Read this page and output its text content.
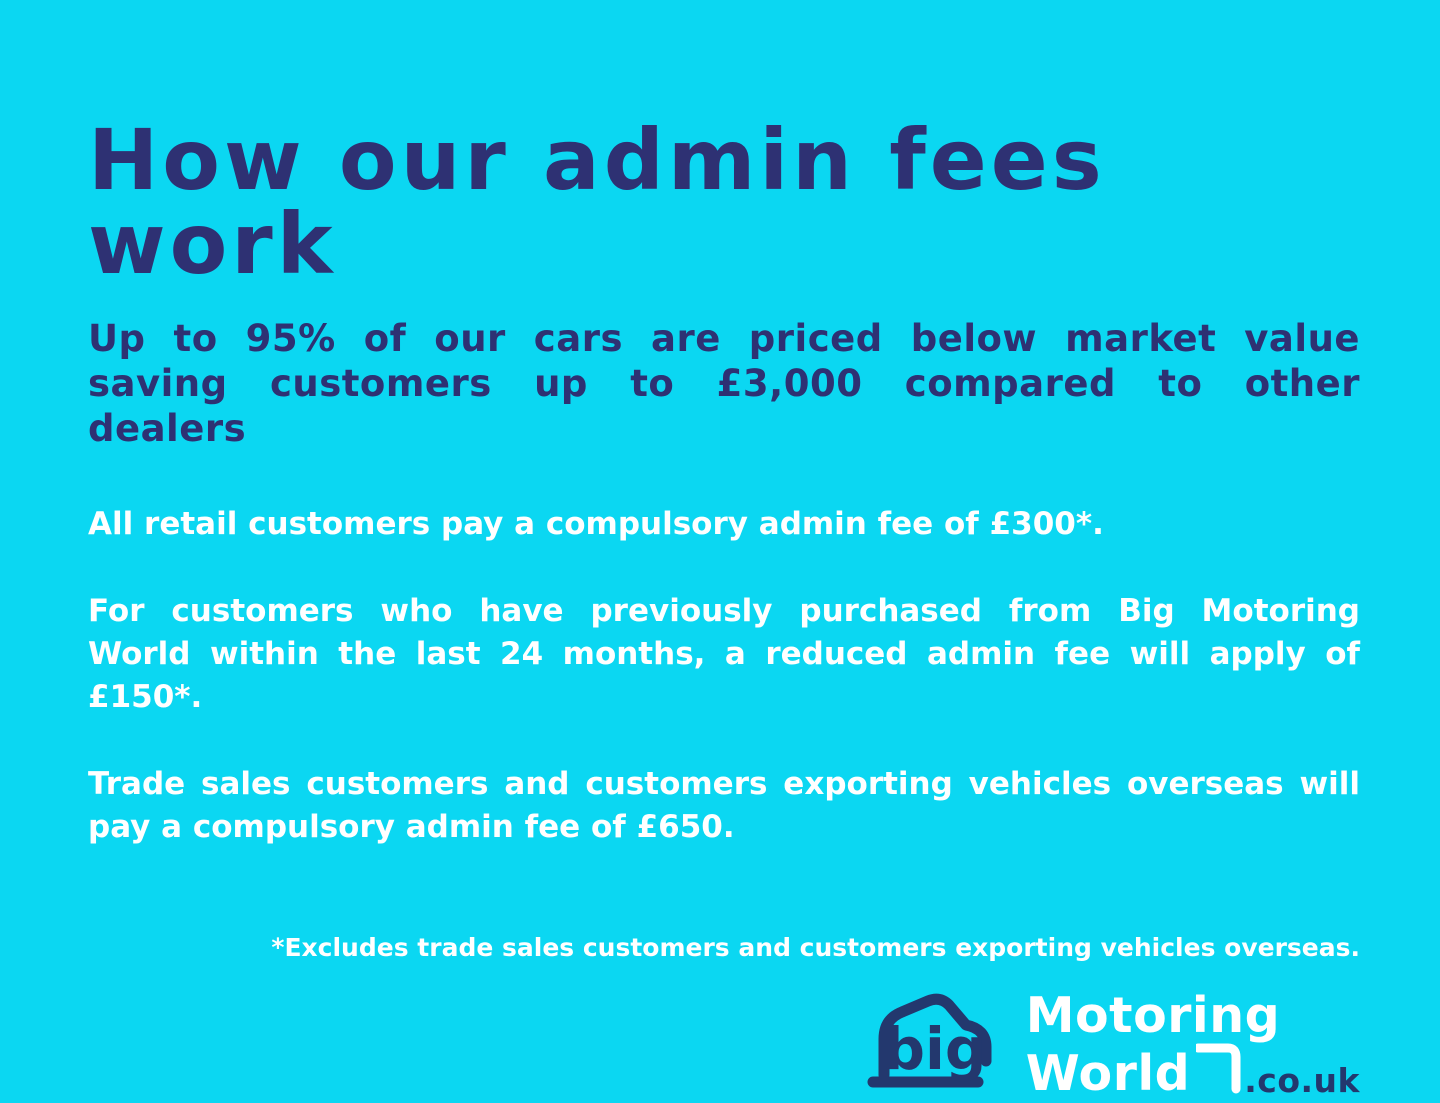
How our admin fees work
Up to 95% of our cars are priced below market value
saving customers up to £3,000 compared to other
dealers

All retail customers pay a compulsory admin fee of £300*.

For customers who have previously purchased from Big Motoring
World within the last 24 months, a reduced admin fee will apply of
£150*.

Trade sales customers and customers exporting vehicles overseas will
pay a compulsory admin fee of £650.

*Excludes trade sales customers and customers exporting vehicles overseas.
big Motoring
World .co.uk
